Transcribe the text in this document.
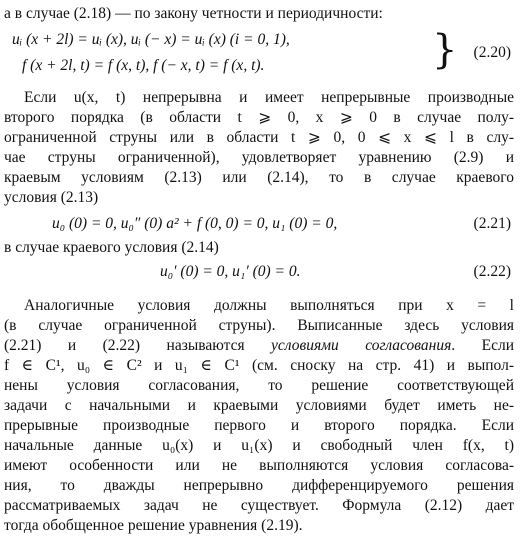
а в случае (2.18) — по закону четности и периодичности:
uᵢ (x + 2l) = uᵢ (x), uᵢ (− x) = uᵢ (x) (i = 0, 1),
f (x + 2l, t) = f (x, t), f (− x, t) = f (x, t).	} (2.20)
Если u(x, t) непрерывна и имеет непрерывные производные
второго порядка (в области t ⩾ 0, x ⩾ 0 в случае полу-
ограниченной струны или в области t ⩾ 0, 0 ⩽ x ⩽ l в слу-
чае струны ограниченной), удовлетворяет уравнению (2.9) и
краевым условиям (2.13) или (2.14), то в случае краевого
условия (2.13)
u₀ (0) = 0, u₀″ (0) a² + f (0, 0) = 0, u₁ (0) = 0,	(2.21)
в случае краевого условия (2.14)
u₀′ (0) = 0, u₁′ (0) = 0.	(2.22)
Аналогичные условия должны выполняться при x = l
(в случае ограниченной струны). Выписанные здесь условия
(2.21) и (2.22) называются условиями согласования. Если
f ∈ C¹, u₀ ∈ C² и u₁ ∈ C¹ (см. сноску на стр. 41) и выпол-
нены условия согласования, то решение соответствующей
задачи с начальными и краевыми условиями будет иметь не-
прерывные производные первого и второго порядка. Если
начальные данные u₀(x) и u₁(x) и свободный член f(x, t)
имеют особенности или не выполняются условия согласова-
ния, то дважды непрерывно дифференцируемого решения
рассматриваемых задач не существует. Формула (2.12) дает
тогда обобщенное решение уравнения (2.19).
